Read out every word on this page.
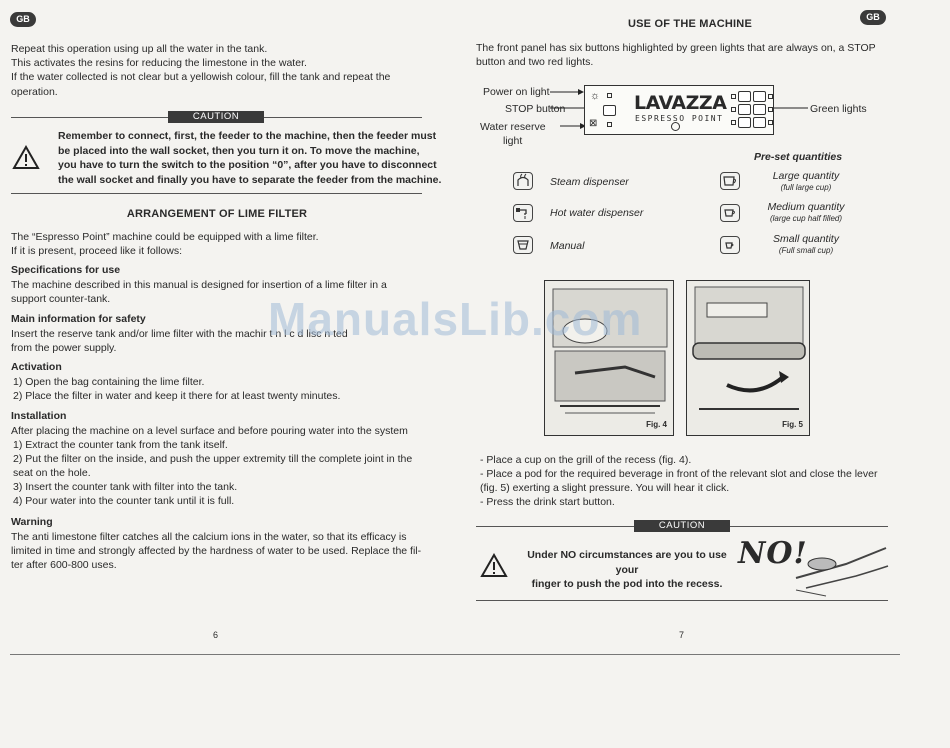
GB
Repeat this operation using up all the water in the tank.
This activates the resins for reducing the limestone in the water.
If the water collected is not clear but a yellowish colour, fill the tank and repeat the
operation.
CAUTION
Remember to connect, first, the feeder to the machine, then the feeder must
be placed into the wall socket, then you turn it on. To move the machine,
you have to turn the switch to the position “0”, after you have to disconnect
the wall socket and finally you have to separate the feeder from the machine.
ARRANGEMENT OF LIME FILTER
The “Espresso Point” machine could be equipped with a lime filter.
If it is present, proceed like it follows:
Specifications for use
The machine described in this manual is designed for insertion of a lime filter in a
support counter-tank.
Main information for safety
Insert the reserve tank and/or lime filter with the machir t n l c d lisc n ted
from the power supply.
Activation
1) Open the bag containing the lime filter.
2) Place the filter in water and keep it there for at least twenty minutes.
Installation
After placing the machine on a level surface and before pouring water into the system
1) Extract the counter tank from the tank itself.
2) Put the filter on the inside, and push the upper extremity till the complete joint in the
seat on the hole.
3) Insert the counter tank with filter into the tank.
4) Pour water into the counter tank until it is full.
Warning
The anti limestone filter catches all the calcium ions in the water, so that its efficacy is
limited in time and strongly affected by the hardness of water to be used. Replace the fil-
ter after 600-800 uses.
6
USE OF THE MACHINE
GB
The front panel has six buttons highlighted by green lights that are always on, a STOP
button and two red lights.
Power on light
STOP button
Water reserve
light
Green lights
☼
⊠
LAVAZZA
ESPRESSO POINT
Pre-set quantities
Steam dispenser
Hot water dispenser
Manual
Large quantity
(full large cup)
Medium quantity
(large cup half filled)
Small quantity
(Full small cup)
Fig. 4	Fig. 5
- Place a cup on the grill of the recess (fig. 4).
- Place a pod for the required beverage in front of the relevant slot and close the lever
(fig. 5) exerting a slight pressure. You will hear it click.
- Press the drink start button.
CAUTION
Under NO circumstances are you to use your
finger to push the pod into the recess.
NO!
7
ManualsLib.com
